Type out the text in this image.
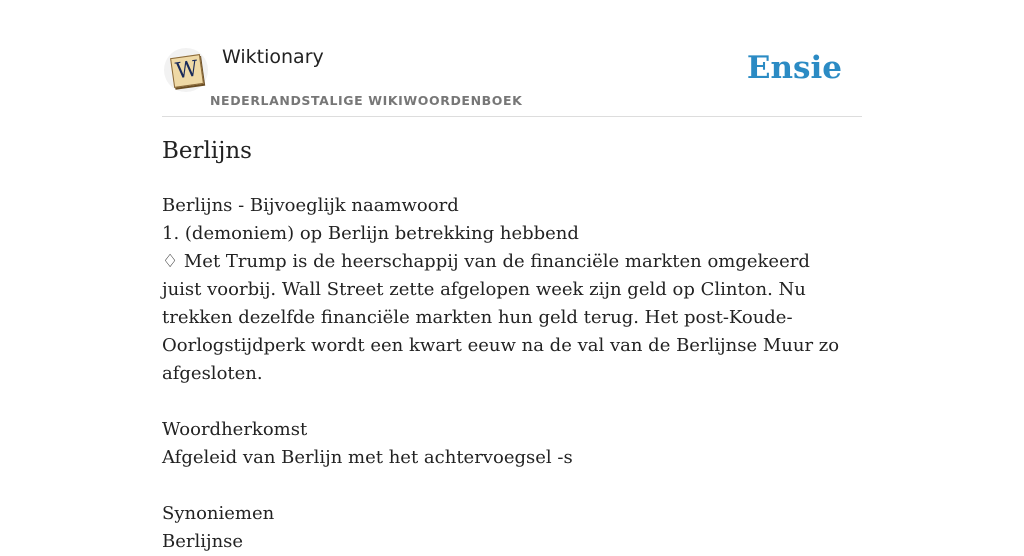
W Wiktionary
NEDERLANDSTALIGE WIKIWOORDENBOEK
Ensie
Berlijns

Berlijns - Bijvoeglijk naamwoord

1. (demoniem) op Berlijn betrekking hebbend

♢ Met Trump is de heerschappij van de financiële markten omgekeerd juist voorbij. Wall Street zette afgelopen week zijn geld op Clinton. Nu trekken dezelfde financiële markten hun geld terug. Het post-Koude-Oorlogstijdperk wordt een kwart eeuw na de val van de Berlijnse Muur zo afgesloten.

Woordherkomst

Afgeleid van Berlijn met het achtervoegsel -s

Synoniemen

Berlijnse
